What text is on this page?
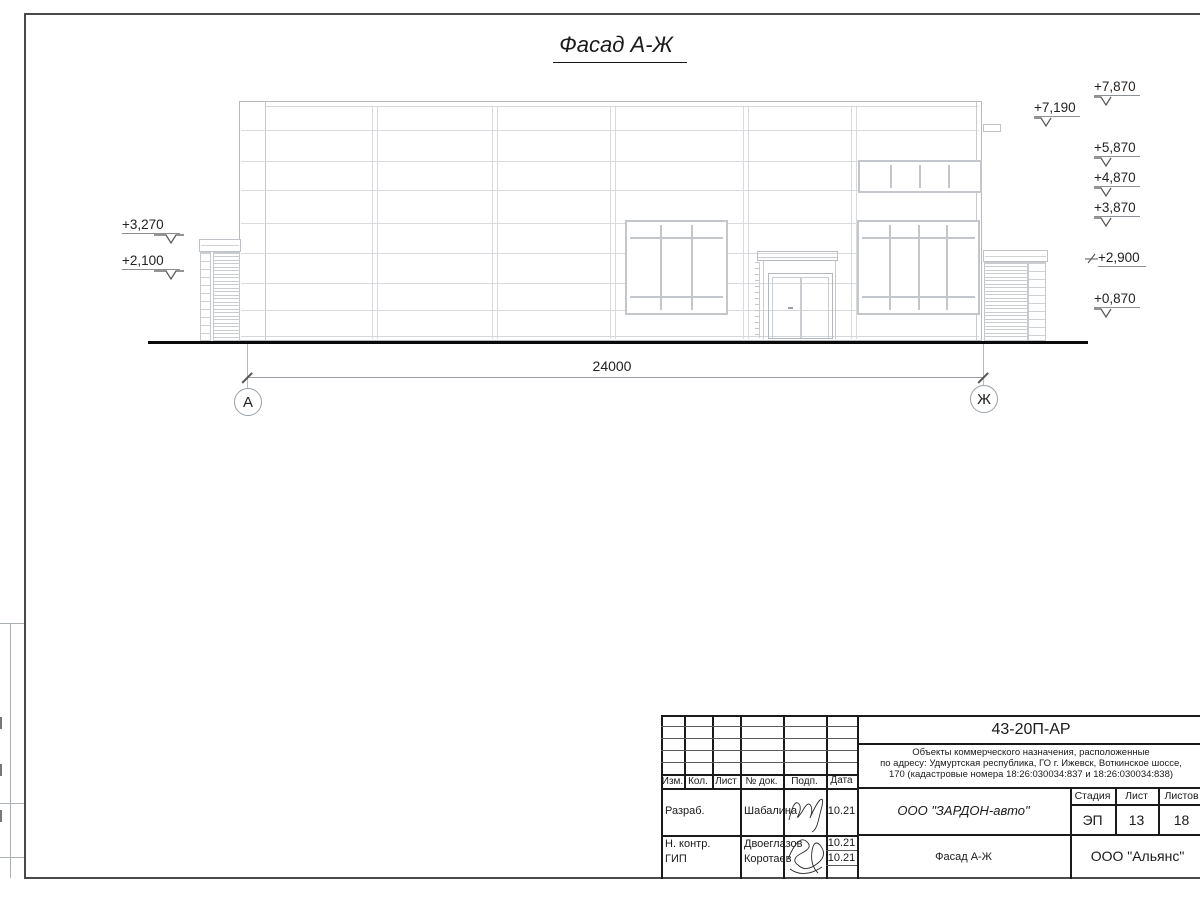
Фасад А-Ж
24000
А	Ж
+3,270
+2,100
+7,870
+7,190
+5,870
+4,870
+3,870
+2,900
+0,870
Изм. Кол. Лист № док.	Подп.	Дата
Разраб.	Шабалина	10.21
Н. контр.	Двоеглазов 10.21
ГИП	Коротаев	10.21
43-20П-АР
Объекты коммерческого назначения, расположенные
по адресу: Удмуртская республика, ГО г. Ижевск, Воткинское шоссе,
170 (кадастровые номера 18:26:030034:837 и 18:26:030034:838)
ООО "ЗАРДОН-авто"
Стадия	Лист	Листов
ЭП	13	18
Фасад А-Ж	ООО "Альянс"
